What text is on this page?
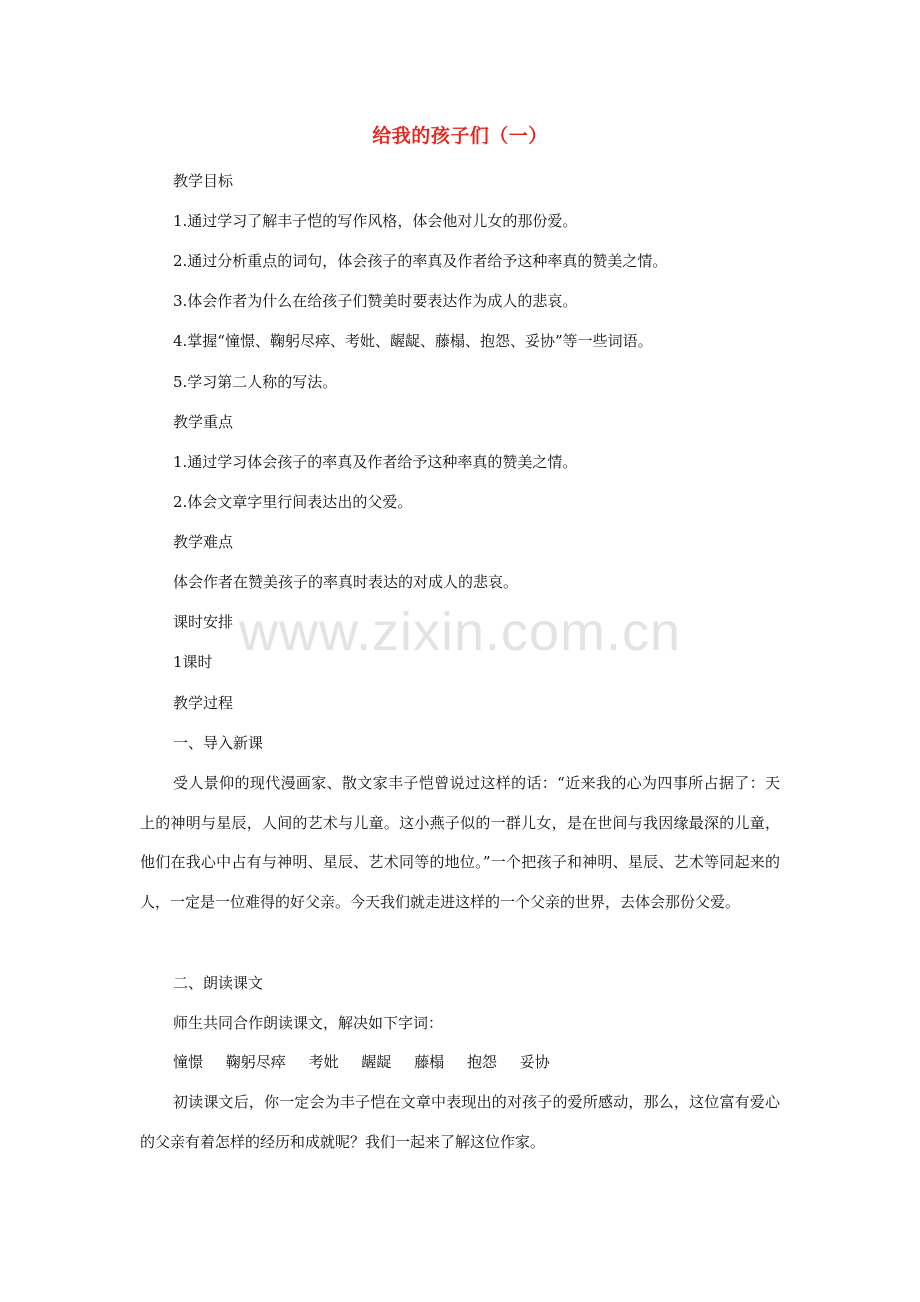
www.zixin.com.cn
给我的孩子们（一）
教学目标
1.通过学习了解丰子恺的写作风格，体会他对儿女的那份爱。
2.通过分析重点的词句，体会孩子的率真及作者给予这种率真的赞美之情。
3.体会作者为什么在给孩子们赞美时要表达作为成人的悲哀。
4.掌握“憧憬、鞠躬尽瘁、考妣、龌龊、藤榻、抱怨、妥协”等一些词语。
5.学习第二人称的写法。
教学重点
1.通过学习体会孩子的率真及作者给予这种率真的赞美之情。
2.体会文章字里行间表达出的父爱。
教学难点
体会作者在赞美孩子的率真时表达的对成人的悲哀。
课时安排
1课时
教学过程
一、导入新课
受人景仰的现代漫画家、散文家丰子恺曾说过这样的话：“近来我的心为四事所占据了：天上的神明与星辰，人间的艺术与儿童。这小燕子似的一群儿女，是在世间与我因缘最深的儿童，他们在我心中占有与神明、星辰、艺术同等的地位。”一个把孩子和神明、星辰、艺术等同起来的人，一定是一位难得的好父亲。今天我们就走进这样的一个父亲的世界，去体会那份父爱。
二、朗读课文
师生共同合作朗读课文，解决如下字词：
憧憬 鞠躬尽瘁 考妣 龌龊 藤榻 抱怨 妥协
初读课文后，你一定会为丰子恺在文章中表现出的对孩子的爱所感动，那么，这位富有爱心的父亲有着怎样的经历和成就呢？我们一起来了解这位作家。
